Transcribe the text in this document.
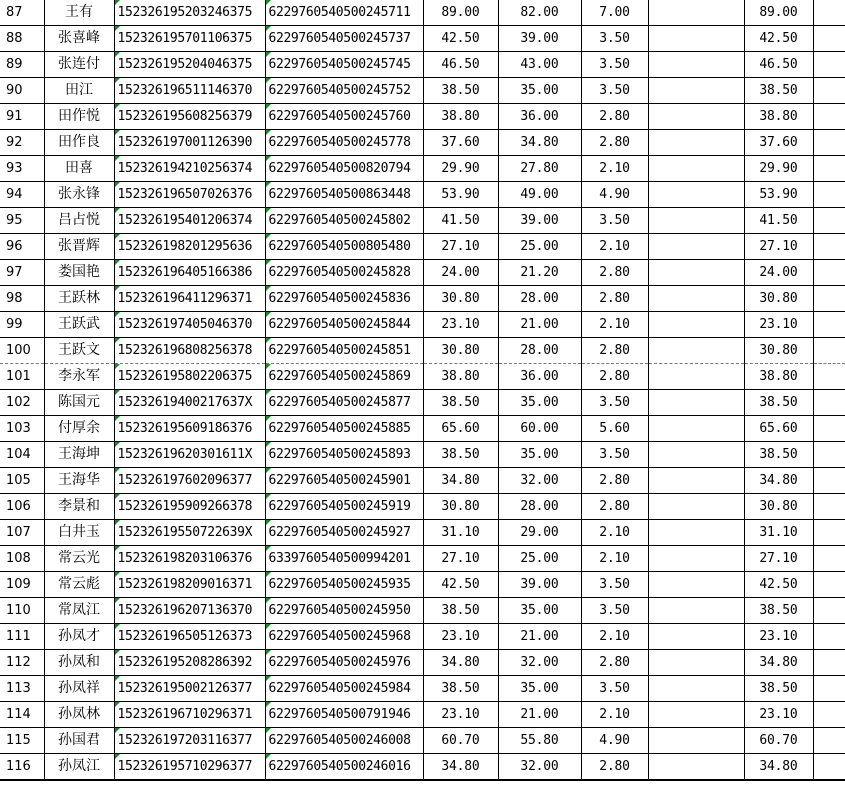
87	王有	152326195203246375	6229760540500245711	89.00	82.00	7.00		89.00	
88	张喜峰	152326195701106375	6229760540500245737	42.50	39.00	3.50		42.50	
89	张连付	152326195204046375	6229760540500245745	46.50	43.00	3.50		46.50	
90	田江	152326196511146370	6229760540500245752	38.50	35.00	3.50		38.50	
91	田作悦	152326195608256379	6229760540500245760	38.80	36.00	2.80		38.80	
92	田作良	152326197001126390	6229760540500245778	37.60	34.80	2.80		37.60	
93	田喜	152326194210256374	6229760540500820794	29.90	27.80	2.10		29.90	
94	张永锋	152326196507026376	6229760540500863448	53.90	49.00	4.90		53.90	
95	吕占悦	152326195401206374	6229760540500245802	41.50	39.00	3.50		41.50	
96	张晋辉	152326198201295636	6229760540500805480	27.10	25.00	2.10		27.10	
97	娄国艳	152326196405166386	6229760540500245828	24.00	21.20	2.80		24.00	
98	王跃林	152326196411296371	6229760540500245836	30.80	28.00	2.80		30.80	
99	王跃武	152326197405046370	6229760540500245844	23.10	21.00	2.10		23.10	
100	王跃文	152326196808256378	6229760540500245851	30.80	28.00	2.80		30.80	
101	李永军	152326195802206375	6229760540500245869	38.80	36.00	2.80		38.80	
102	陈国元	15232619400217637X	6229760540500245877	38.50	35.00	3.50		38.50	
103	付厚余	152326195609186376	6229760540500245885	65.60	60.00	5.60		65.60	
104	王海坤	15232619620301611X	6229760540500245893	38.50	35.00	3.50		38.50	
105	王海华	152326197602096377	6229760540500245901	34.80	32.00	2.80		34.80	
106	李景和	152326195909266378	6229760540500245919	30.80	28.00	2.80		30.80	
107	白井玉	15232619550722639X	6229760540500245927	31.10	29.00	2.10		31.10	
108	常云光	152326198203106376	6339760540500994201	27.10	25.00	2.10		27.10	
109	常云彪	152326198209016371	6229760540500245935	42.50	39.00	3.50		42.50	
110	常凤江	152326196207136370	6229760540500245950	38.50	35.00	3.50		38.50	
111	孙凤才	152326196505126373	6229760540500245968	23.10	21.00	2.10		23.10	
112	孙凤和	152326195208286392	6229760540500245976	34.80	32.00	2.80		34.80	
113	孙凤祥	152326195002126377	6229760540500245984	38.50	35.00	3.50		38.50	
114	孙凤林	152326196710296371	6229760540500791946	23.10	21.00	2.10		23.10	
115	孙国君	152326197203116377	6229760540500246008	60.70	55.80	4.90		60.70	
116	孙凤江	152326195710296377	6229760540500246016	34.80	32.00	2.80		34.80	
